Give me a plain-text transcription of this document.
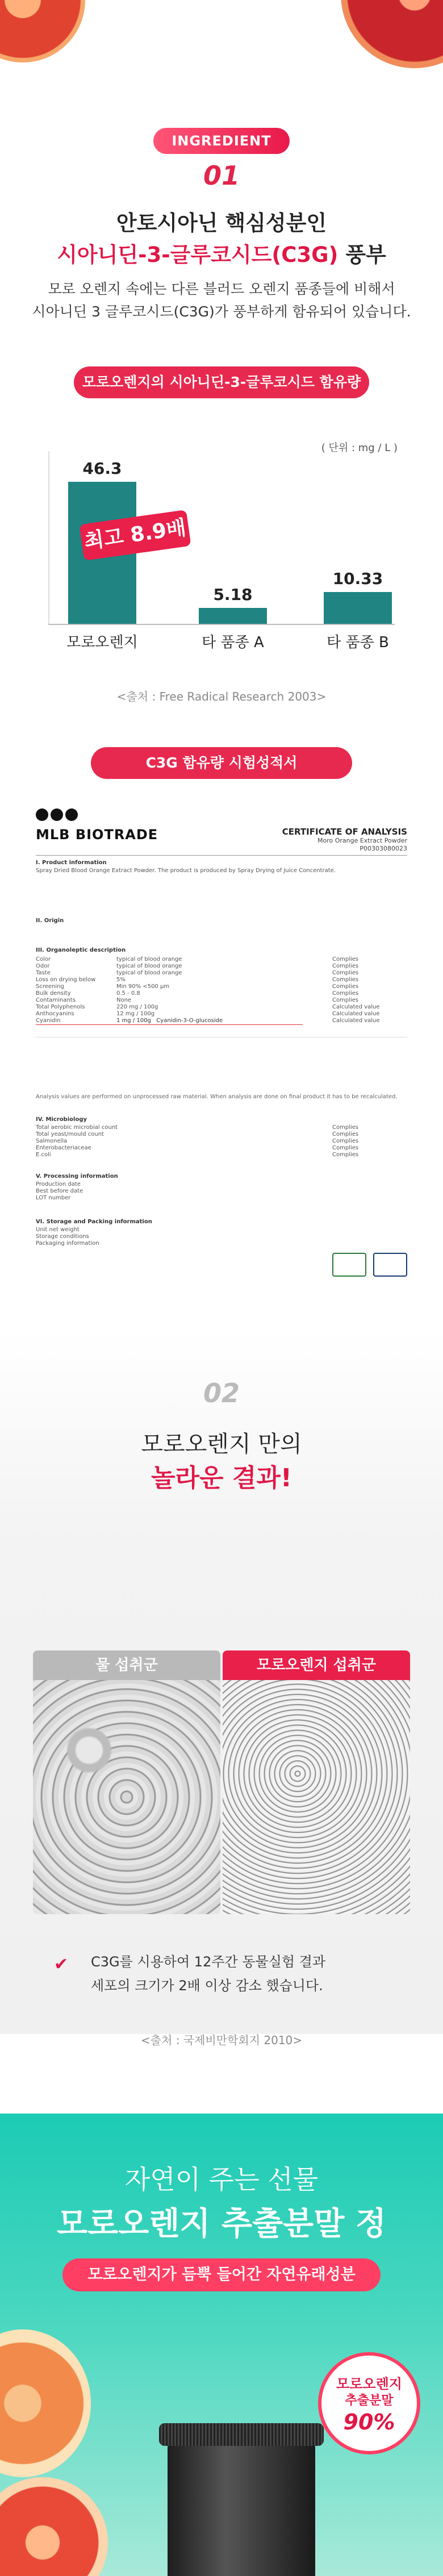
INGREDIENT
01
안토시아닌 핵심성분인
시아니딘-3-글루코시드(C3G) 풍부
모로 오렌지 속에는 다른 블러드 오렌지 품종들에 비해서
시아니딘 3 글루코시드(C3G)가 풍부하게 함유되어 있습니다.
모로오렌지의 시아니딘-3-글루코시드 함유량
( 단위 : mg / L )
46.3
모로오렌지
5.18
타 품종 A
10.33
타 품종 B
최고 8.9배
<출처 : Free Radical Research 2003>
C3G 함유량 시험성적서
MLB BIOTRADE	CERTIFICATE OF ANALYSIS
Moro Orange Extract Powder
P00303080023
I. Product information
Spray Dried Blood Orange Extract Powder. The product is produced by Spray Drying of Juice Concentrate.
II. Origin
III. Organoleptic description
Color
Odor
Taste
Loss on drying below
Screening
Bulk density
Contaminants
Total Polyphenols
Anthocyanins
Cyanidin
typical of blood orange
typical of blood orange
typical of blood orange
5%
Min 90% <500 μm
0.5 - 0.8
None
220 mg / 100g
12 mg / 100g
1 mg / 100g   Cyanidin-3-O-glucoside
Complies
Complies
Complies
Complies
Complies
Complies
Complies
Calculated value
Calculated value
Calculated value
Analysis values are performed on unprocessed raw material. When analysis are done on final product it has to be recalculated.
IV. Microbiology
Total aerobic microbial count
Total yeast/mould count
Salmonella
Enterobacteriaceae
E.coli
Complies
Complies
Complies
Complies
Complies
V. Processing information
Production date
Best before date
LOT number
VI. Storage and Packing information
Unit net weight
Storage conditions
Packaging information
02
모로오렌지 만의
놀라운 결과!
물 섭취군	모로오렌지 섭취군
✔ C3G를 시용하여 12주간 동물실험 결과
세포의 크기가 2배 이상 감소 했습니다.
<출처 : 국제비만학회지 2010>
자연이 주는 선물
모로오렌지 추출분말 정
모로오렌지가 듬뿍 들어간 자연유래성분
모로오렌지
추출분말
90%
